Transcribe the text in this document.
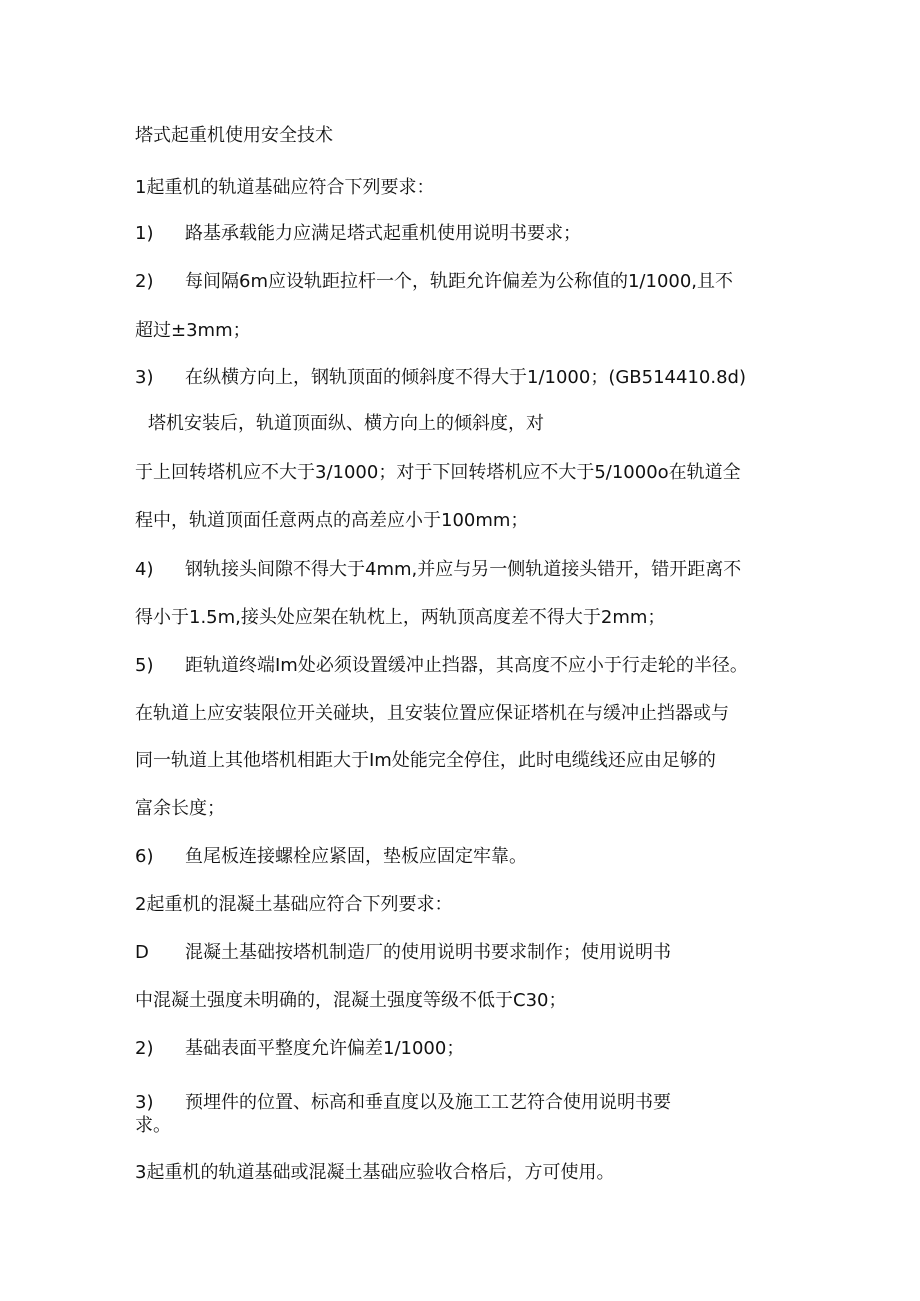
塔式起重机使用安全技术
1起重机的轨道基础应符合下列要求：
1) 路基承载能力应满足塔式起重机使用说明书要求；
2) 每间隔6m应设轨距拉杆一个，轨距允许偏差为公称值的1/1000,且不
超过±3mm；
3) 在纵横方向上，钢轨顶面的倾斜度不得大于1/1000；(GB514410.8d)
塔机安装后，轨道顶面纵、横方向上的倾斜度，对
于上回转塔机应不大于3/1000；对于下回转塔机应不大于5/1000o在轨道全
程中，轨道顶面任意两点的高差应小于100mm；
4) 钢轨接头间隙不得大于4mm,并应与另一侧轨道接头错开，错开距离不
得小于1.5m,接头处应架在轨枕上，两轨顶高度差不得大于2mm；
5) 距轨道终端Im处必须设置缓冲止挡器，其高度不应小于行走轮的半径。
在轨道上应安装限位开关碰块，且安装位置应保证塔机在与缓冲止挡器或与
同一轨道上其他塔机相距大于Im处能完全停住，此时电缆线还应由足够的
富余长度；
6) 鱼尾板连接螺栓应紧固，垫板应固定牢靠。
2起重机的混凝土基础应符合下列要求：
D 混凝土基础按塔机制造厂的使用说明书要求制作；使用说明书
中混凝土强度未明确的，混凝土强度等级不低于C30；
2) 基础表面平整度允许偏差1/1000；
3) 预埋件的位置、标高和垂直度以及施工工艺符合使用说明书要
求。
3起重机的轨道基础或混凝土基础应验收合格后，方可使用。
